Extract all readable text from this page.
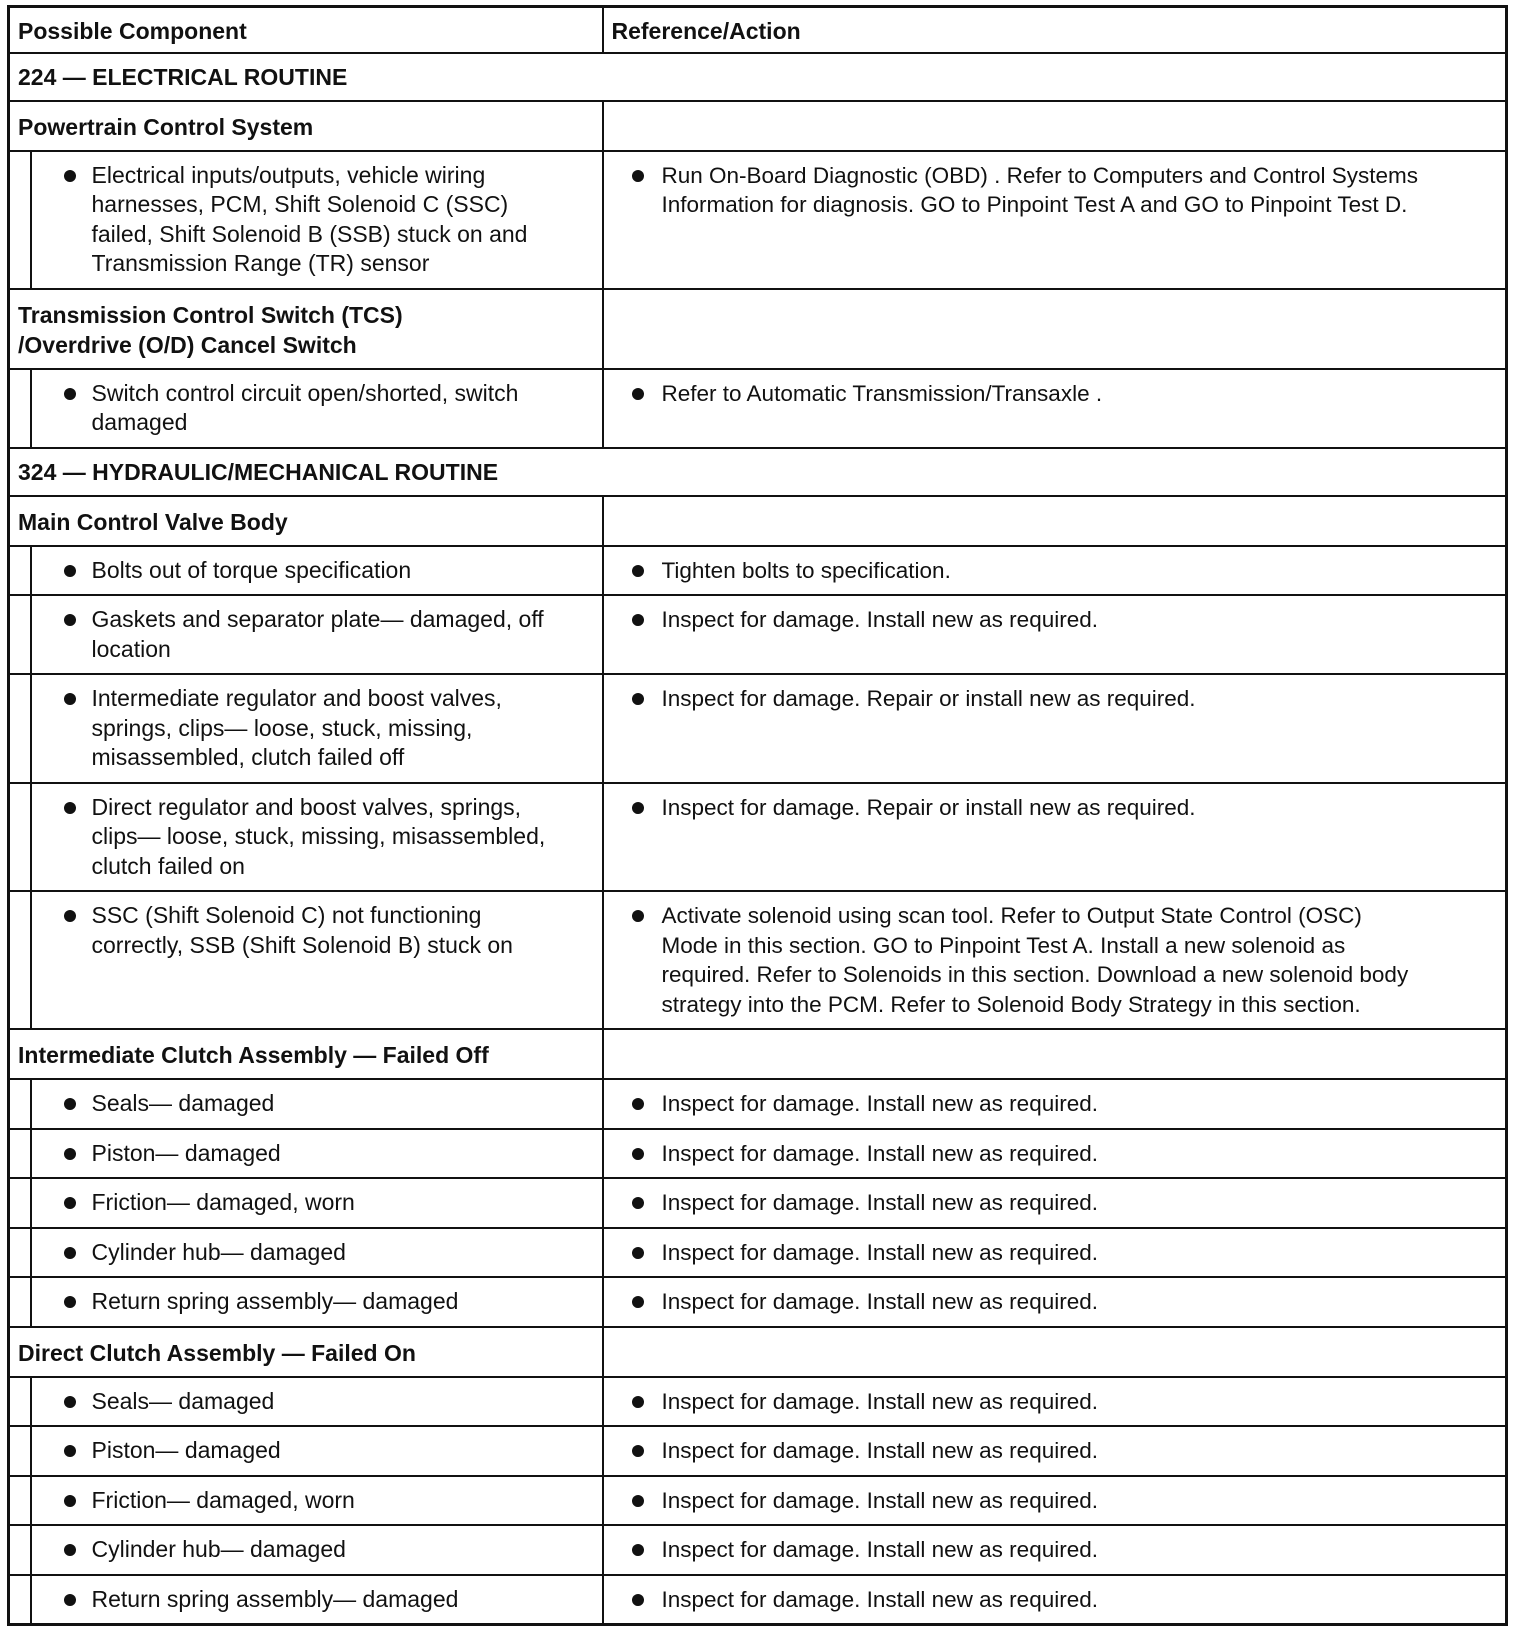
Possible Component		Reference/Action
224 — ELECTRICAL ROUTINE		
Powertrain Control System		

	Electrical inputs/outputs, vehicle wiring
harnesses, PCM, Shift Solenoid C (SSC)
failed, Shift Solenoid B (SSB) stuck on and
Transmission Range (TR) sensor	Run On-Board Diagnostic (OBD) . Refer to Computers and Control Systems
Information for diagnosis. GO to Pinpoint Test A and GO to Pinpoint Test D.

Transmission Control Switch (TCS)
/Overdrive (O/D) Cancel Switch		

	Switch control circuit open/shorted, switch
damaged	Refer to Automatic Transmission/Transaxle .

324 — HYDRAULIC/MECHANICAL ROUTINE		
Main Control Valve Body		

	Bolts out of torque specification	Tighten bolts to specification.

	Gaskets and separator plate— damaged, off
location	Inspect for damage. Install new as required.

	Intermediate regulator and boost valves,
springs, clips— loose, stuck, missing,
misassembled, clutch failed off	Inspect for damage. Repair or install new as required.

	Direct regulator and boost valves, springs,
clips— loose, stuck, missing, misassembled,
clutch failed on	Inspect for damage. Repair or install new as required.

	SSC (Shift Solenoid C) not functioning
correctly, SSB (Shift Solenoid B) stuck on	Activate solenoid using scan tool. Refer to Output State Control (OSC)
Mode in this section. GO to Pinpoint Test A. Install a new solenoid as
required. Refer to Solenoids in this section. Download a new solenoid body
strategy into the PCM. Refer to Solenoid Body Strategy in this section.

Intermediate Clutch Assembly — Failed Off		

	Seals— damaged	Inspect for damage. Install new as required.

	Piston— damaged	Inspect for damage. Install new as required.

	Friction— damaged, worn	Inspect for damage. Install new as required.

	Cylinder hub— damaged	Inspect for damage. Install new as required.

	Return spring assembly— damaged	Inspect for damage. Install new as required.

Direct Clutch Assembly — Failed On		

	Seals— damaged	Inspect for damage. Install new as required.

	Piston— damaged	Inspect for damage. Install new as required.

	Friction— damaged, worn	Inspect for damage. Install new as required.

	Cylinder hub— damaged	Inspect for damage. Install new as required.

	Return spring assembly— damaged	Inspect for damage. Install new as required.
